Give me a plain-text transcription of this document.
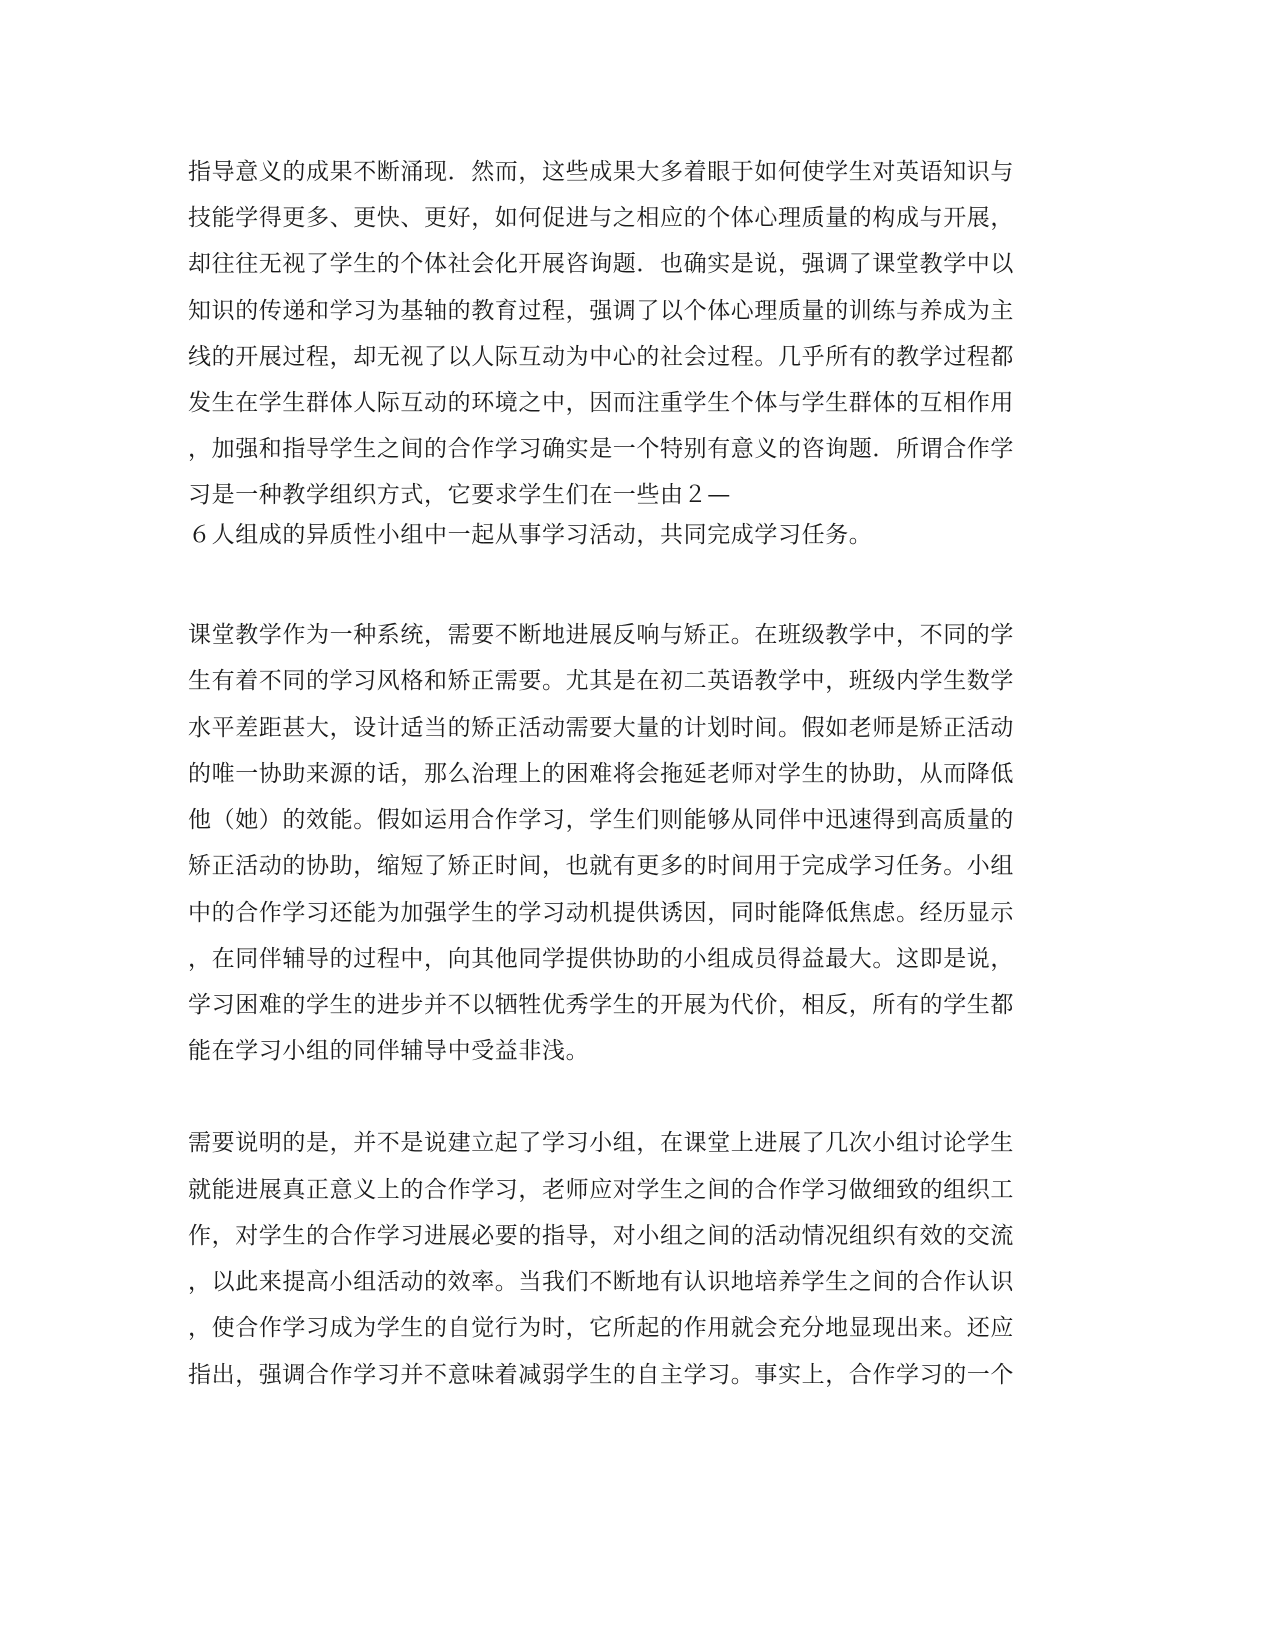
指导意义的成果不断涌现．然而，这些成果大多着眼于如何使学生对英语知识与
技能学得更多、更快、更好，如何促进与之相应的个体心理质量的构成与开展，
却往往无视了学生的个体社会化开展咨询题．也确实是说，强调了课堂教学中以
知识的传递和学习为基轴的教育过程，强调了以个体心理质量的训练与养成为主
线的开展过程，却无视了以人际互动为中心的社会过程。几乎所有的教学过程都
发生在学生群体人际互动的环境之中，因而注重学生个体与学生群体的互相作用
，加强和指导学生之间的合作学习确实是一个特别有意义的咨询题．所谓合作学
习是一种教学组织方式，它要求学生们在一些由２—
６人组成的异质性小组中一起从事学习活动，共同完成学习任务。
课堂教学作为一种系统，需要不断地进展反响与矫正。在班级教学中，不同的学
生有着不同的学习风格和矫正需要。尤其是在初二英语教学中，班级内学生数学
水平差距甚大，设计适当的矫正活动需要大量的计划时间。假如老师是矫正活动
的唯一协助来源的话，那么治理上的困难将会拖延老师对学生的协助，从而降低
他（她）的效能。假如运用合作学习，学生们则能够从同伴中迅速得到高质量的
矫正活动的协助，缩短了矫正时间，也就有更多的时间用于完成学习任务。小组
中的合作学习还能为加强学生的学习动机提供诱因，同时能降低焦虑。经历显示
，在同伴辅导的过程中，向其他同学提供协助的小组成员得益最大。这即是说，
学习困难的学生的进步并不以牺牲优秀学生的开展为代价，相反，所有的学生都
能在学习小组的同伴辅导中受益非浅。
需要说明的是，并不是说建立起了学习小组，在课堂上进展了几次小组讨论学生
就能进展真正意义上的合作学习，老师应对学生之间的合作学习做细致的组织工
作，对学生的合作学习进展必要的指导，对小组之间的活动情况组织有效的交流
，以此来提高小组活动的效率。当我们不断地有认识地培养学生之间的合作认识
，使合作学习成为学生的自觉行为时，它所起的作用就会充分地显现出来。还应
指出，强调合作学习并不意味着减弱学生的自主学习。事实上，合作学习的一个
